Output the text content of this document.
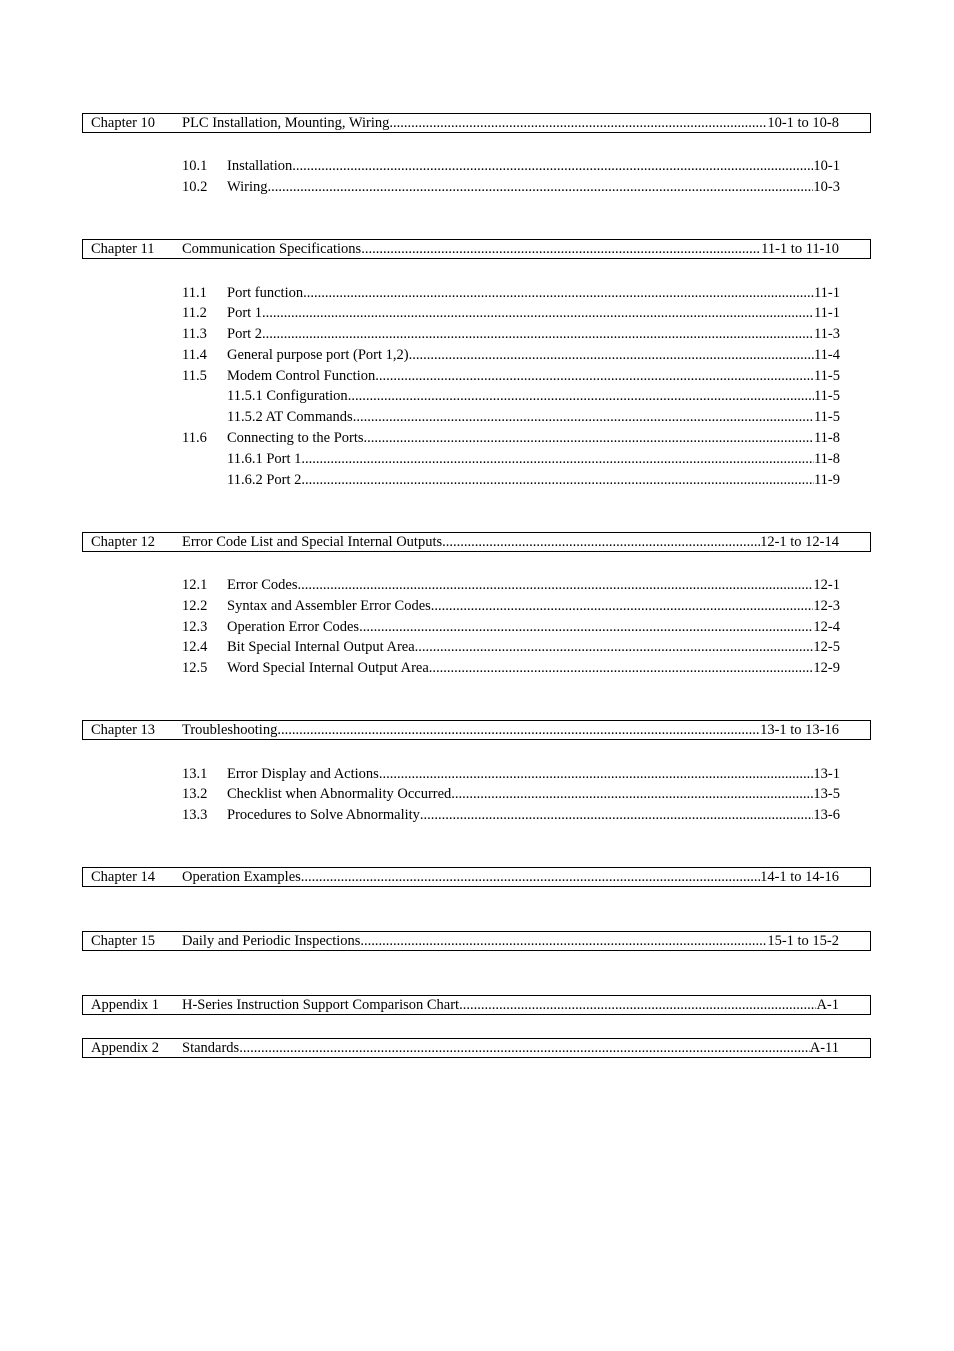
Chapter 10 PLC Installation, Mounting, Wiring .....	10-1 to 10-8
10.1 Installation .....	10-1
10.2 Wiring .....	10-3
Chapter 11 Communication Specifications .....	11-1 to 11-10
11.1 Port function .....	11-1
11.2 Port 1 .....	11-1
11.3 Port 2 .....	11-3
11.4 General purpose port (Port 1,2) .....	11-4
11.5 Modem Control Function .....	11-5
11.5.1 Configuration .....	11-5
11.5.2 AT Commands .....	11-5
11.6 Connecting to the Ports .....	11-8
11.6.1 Port 1 .....	11-8
11.6.2 Port 2 .....	11-9
Chapter 12 Error Code List and Special Internal Outputs .....	12-1 to 12-14
12.1 Error Codes .....	12-1
12.2 Syntax and Assembler Error Codes .....	12-3
12.3 Operation Error Codes .....	12-4
12.4 Bit Special Internal Output Area .....	12-5
12.5 Word Special Internal Output Area .....	12-9
Chapter 13 Troubleshooting .....	13-1 to 13-16
13.1 Error Display and Actions .....	13-1
13.2 Checklist when Abnormality Occurred .....	13-5
13.3 Procedures to Solve Abnormality .....	13-6
Chapter 14 Operation Examples .....	14-1 to 14-16
Chapter 15 Daily and Periodic Inspections .....	15-1 to 15-2
Appendix 1 H-Series Instruction Support Comparison Chart .....	A-1
Appendix 2 Standards .....	A-11
